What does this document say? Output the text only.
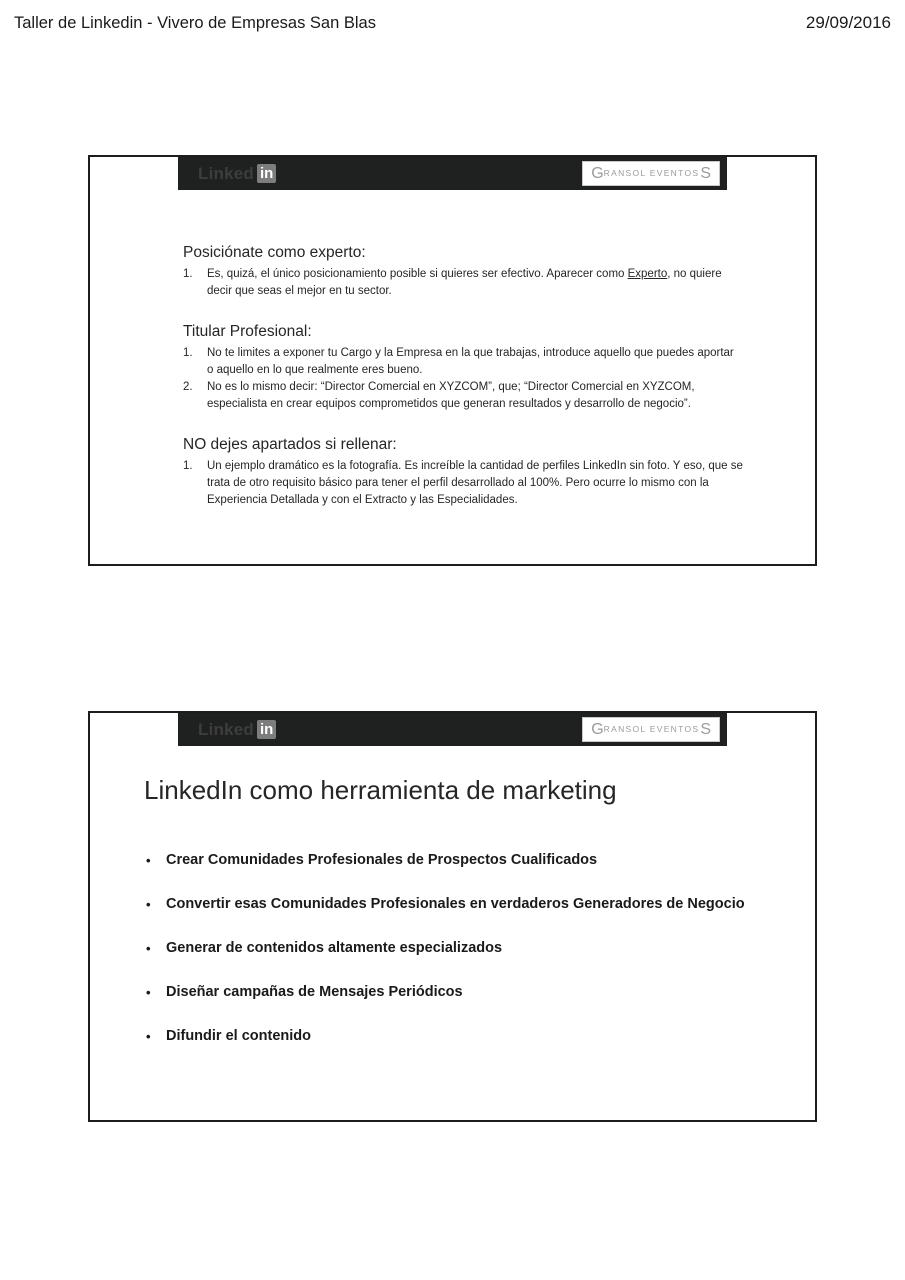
Taller de Linkedin - Vivero de Empresas San Blas	29/09/2016
Linked in	G RANSOL EVENTOS S
Posiciónate como experto:
1.	Es, quizá, el único posicionamiento posible si quieres ser efectivo. Aparecer como Experto, no quiere decir que seas el mejor en tu sector.
Titular Profesional:
1.	No te limites a exponer tu Cargo y la Empresa en la que trabajas, introduce aquello que puedes aportar o aquello en lo que realmente eres bueno.
2.	No es lo mismo decir: “Director Comercial en XYZCOM”, que; “Director Comercial en XYZCOM, especialista en crear equipos comprometidos que generan resultados y desarrollo de negocio”.
NO dejes apartados si rellenar:
1.	Un ejemplo dramático es la fotografía. Es increíble la cantidad de perfiles LinkedIn sin foto. Y eso, que se trata de otro requisito básico para tener el perfil desarrollado al 100%. Pero ocurre lo mismo con la Experiencia Detallada y con el Extracto y las Especialidades.
Linked in	G RANSOL EVENTOS S
LinkedIn como herramienta de marketing
•	Crear Comunidades Profesionales de Prospectos Cualificados
•	Convertir esas Comunidades Profesionales en verdaderos Generadores de Negocio
•	Generar de contenidos altamente especializados
•	Diseñar campañas de Mensajes Periódicos
•	Difundir el contenido
